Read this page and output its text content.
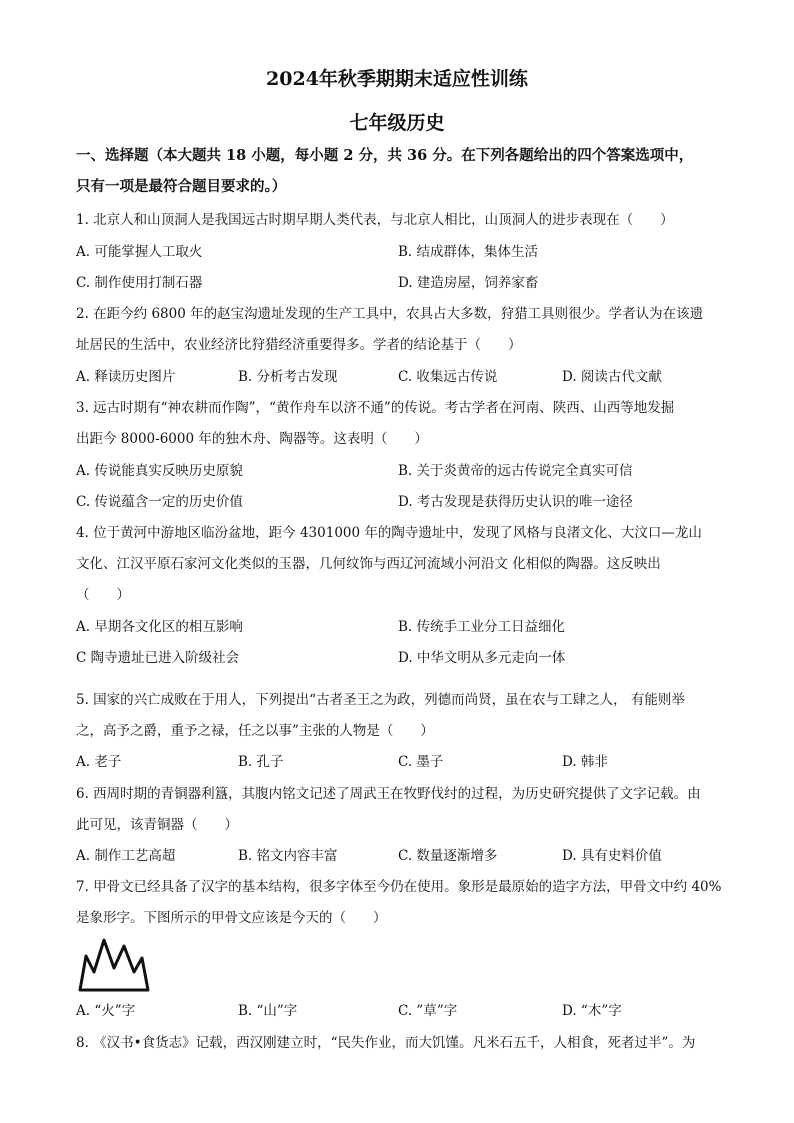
2024年秋季期期末适应性训练
七年级历史
一、选择题（本大题共 18 小题，每小题 2 分，共 36 分。在下列各题给出的四个答案选项中，
只有一项是最符合题目要求的。）
1. 北京人和山顶洞人是我国远古时期早期人类代表，与北京人相比，山顶洞人的进步表现在（　　）
A. 可能掌握人工取火	B. 结成群体，集体生活
C. 制作使用打制石器	D. 建造房屋，饲养家畜
2. 在距今约 6800 年的赵宝沟遗址发现的生产工具中，农具占大多数，狩猎工具则很少。学者认为在该遗
址居民的生活中，农业经济比狩猎经济重要得多。学者的结论基于（　　）
A. 释读历史图片	B. 分析考古发现	C. 收集远古传说	D. 阅读古代文献
3. 远古时期有“神农耕而作陶”，“黄作舟车以济不通”的传说。考古学者在河南、陕西、山西等地发掘
出距今 8000-6000 年的独木舟、陶器等。这表明（　　）
A. 传说能真实反映历史原貌	B. 关于炎黄帝的远古传说完全真实可信
C. 传说蕴含一定的历史价值	D. 考古发现是获得历史认识的唯一途径
4. 位于黄河中游地区临汾盆地，距今 4301000 年的陶寺遗址中，发现了风格与良渚文化、大汶口—龙山
文化、江汉平原石家河文化类似的玉器，几何纹饰与西辽河流域小河沿文 化相似的陶器。这反映出
（　　）
A. 早期各文化区的相互影响	B. 传统手工业分工日益细化
C 陶寺遗址已进入阶级社会	D. 中华文明从多元走向一体
5. 国家的兴亡成败在于用人，下列提出“古者圣王之为政，列德而尚贤，虽在农与工肆之人， 有能则举
之，高予之爵，重予之禄，任之以事”主张的人物是（　　）
A. 老子	B. 孔子	C. 墨子	D. 韩非
6. 西周时期的青铜器利簋，其腹内铭文记述了周武王在牧野伐纣的过程，为历史研究提供了文字记载。由
此可见，该青铜器（　　）
A. 制作工艺高超	B. 铭文内容丰富	C. 数量逐渐增多	D. 具有史料价值
7. 甲骨文已经具备了汉字的基本结构，很多字体至今仍在使用。象形是最原始的造字方法，甲骨文中约 40%
是象形字。下图所示的甲骨文应该是今天的（　　）
A. “火”字	B. “山”字	C. ”草”字	D. “木”字
8. 《汉书•食货志》记载，西汉刚建立时，“民失作业，而大饥馑。凡米石五千，人相食，死者过半”。为
